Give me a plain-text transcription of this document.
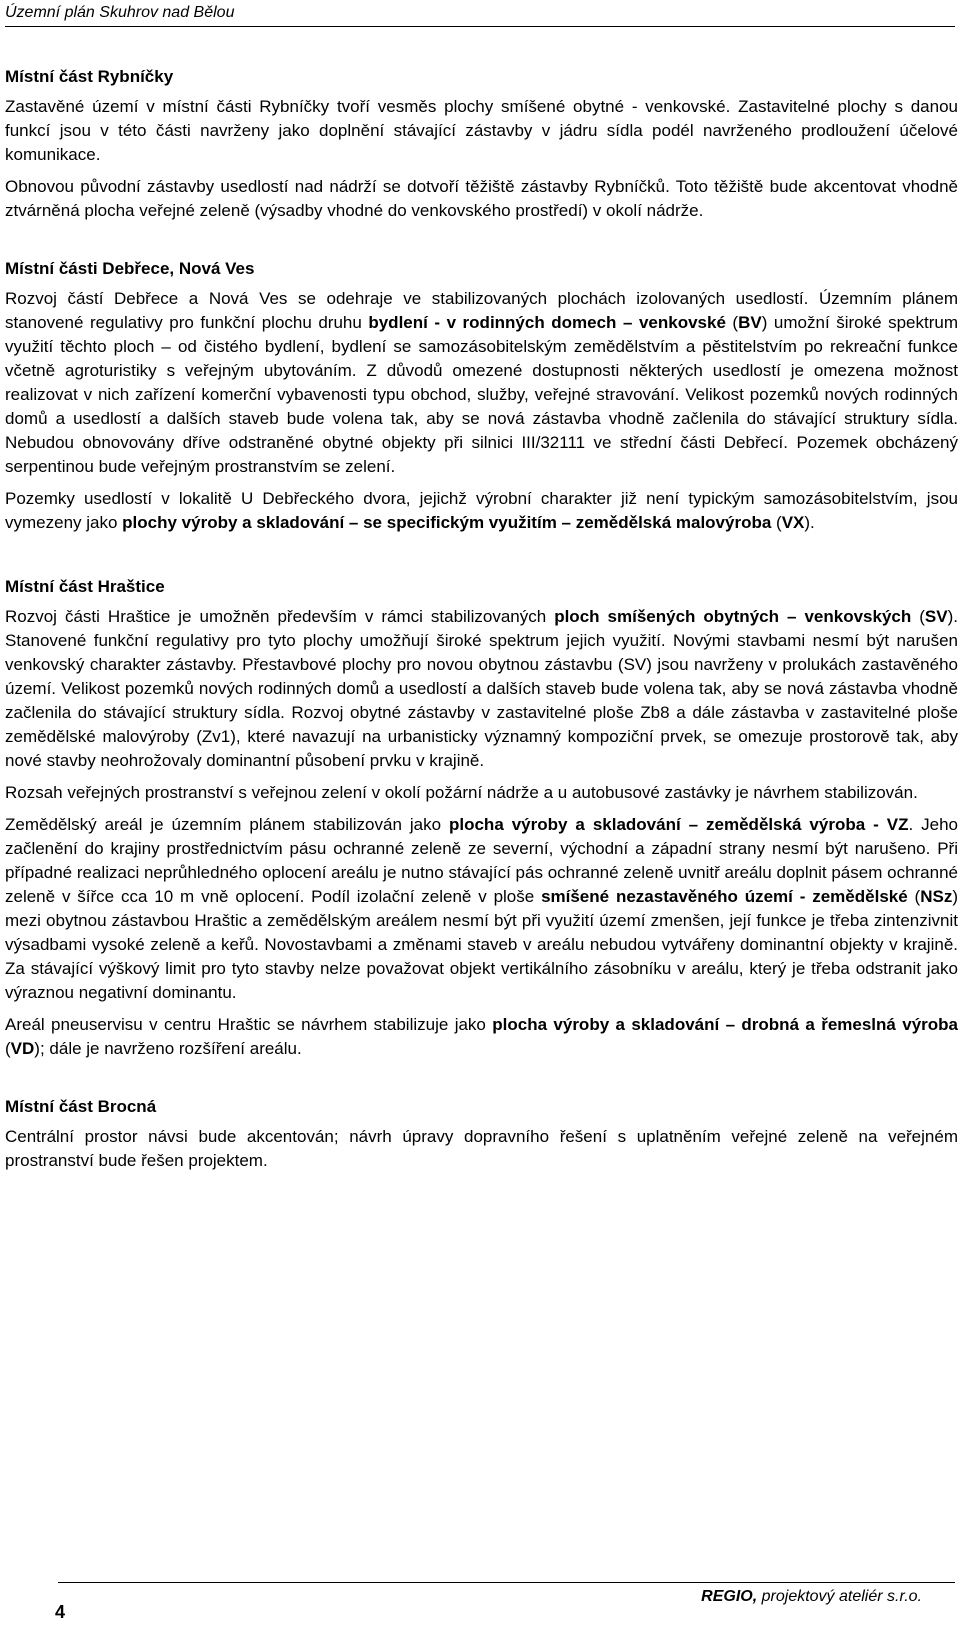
Územní plán Skuhrov nad Bělou
Místní část Rybníčky

Zastavěné území v místní části Rybníčky tvoří vesměs plochy smíšené obytné - venkovské. Zastavitelné plochy s danou funkcí jsou v této části navrženy jako doplnění stávající zástavby v jádru sídla podél navrženého prodloužení účelové komunikace.

Obnovou původní zástavby usedlostí nad nádrží se dotvoří těžiště zástavby Rybníčků. Toto těžiště bude akcentovat vhodně ztvárněná plocha veřejné zeleně (výsadby vhodné do venkovského prostředí) v okolí nádrže.

Místní části Debřece, Nová Ves

Rozvoj částí Debřece a Nová Ves se odehraje ve stabilizovaných plochách izolovaných usedlostí. Územním plánem stanovené regulativy pro funkční plochu druhu bydlení - v rodinných domech – venkovské (BV) umožní široké spektrum využití těchto ploch – od čistého bydlení, bydlení se samozásobitelským zemědělstvím a pěstitelstvím po rekreační funkce včetně agroturistiky s veřejným ubytováním. Z důvodů omezené dostupnosti některých usedlostí je omezena možnost realizovat v nich zařízení komerční vybavenosti typu obchod, služby, veřejné stravování. Velikost pozemků nových rodinných domů a usedlostí a dalších staveb bude volena tak, aby se nová zástavba vhodně začlenila do stávající struktury sídla. Nebudou obnovovány dříve odstraněné obytné objekty při silnici III/32111 ve střední části Debřecí. Pozemek obcházený serpentinou bude veřejným prostranstvím se zelení.

Pozemky usedlostí v lokalitě U Debřeckého dvora, jejichž výrobní charakter již není typickým samozásobitelstvím, jsou vymezeny jako plochy výroby a skladování – se specifickým využitím – zemědělská malovýroba (VX).

Místní část Hraštice

Rozvoj části Hraštice je umožněn především v rámci stabilizovaných ploch smíšených obytných – venkovských (SV). Stanovené funkční regulativy pro tyto plochy umožňují široké spektrum jejich využití. Novými stavbami nesmí být narušen venkovský charakter zástavby. Přestavbové plochy pro novou obytnou zástavbu (SV) jsou navrženy v prolukách zastavěného území. Velikost pozemků nových rodinných domů a usedlostí a dalších staveb bude volena tak, aby se nová zástavba vhodně začlenila do stávající struktury sídla. Rozvoj obytné zástavby v zastavitelné ploše Zb8 a dále zástavba v zastavitelné ploše zemědělské malovýroby (Zv1), které navazují na urbanisticky významný kompoziční prvek, se omezuje prostorově tak, aby nové stavby neohrožovaly dominantní působení prvku v krajině.

Rozsah veřejných prostranství s veřejnou zelení v okolí požární nádrže a u autobusové zastávky je návrhem stabilizován.

Zemědělský areál je územním plánem stabilizován jako plocha výroby a skladování – zemědělská výroba - VZ. Jeho začlenění do krajiny prostřednictvím pásu ochranné zeleně ze severní, východní a západní strany nesmí být narušeno. Při případné realizaci neprůhledného oplocení areálu je nutno stávající pás ochranné zeleně uvnitř areálu doplnit pásem ochranné zeleně v šířce cca 10 m vně oplocení. Podíl izolační zeleně v ploše smíšené nezastavěného území - zemědělské (NSz) mezi obytnou zástavbou Hraštic a zemědělským areálem nesmí být při využití území zmenšen, její funkce je třeba zintenzivnit výsadbami vysoké zeleně a keřů. Novostavbami a změnami staveb v areálu nebudou vytvářeny dominantní objekty v krajině. Za stávající výškový limit pro tyto stavby nelze považovat objekt vertikálního zásobníku v areálu, který je třeba odstranit jako výraznou negativní dominantu.

Areál pneuservisu v centru Hraštic se návrhem stabilizuje jako plocha výroby a skladování – drobná a řemeslná výroba (VD); dále je navrženo rozšíření areálu.

Místní část Brocná

Centrální prostor návsi bude akcentován; návrh úpravy dopravního řešení s uplatněním veřejné zeleně na veřejném prostranství bude řešen projektem.

4
REGIO, projektový ateliér s.r.o.
